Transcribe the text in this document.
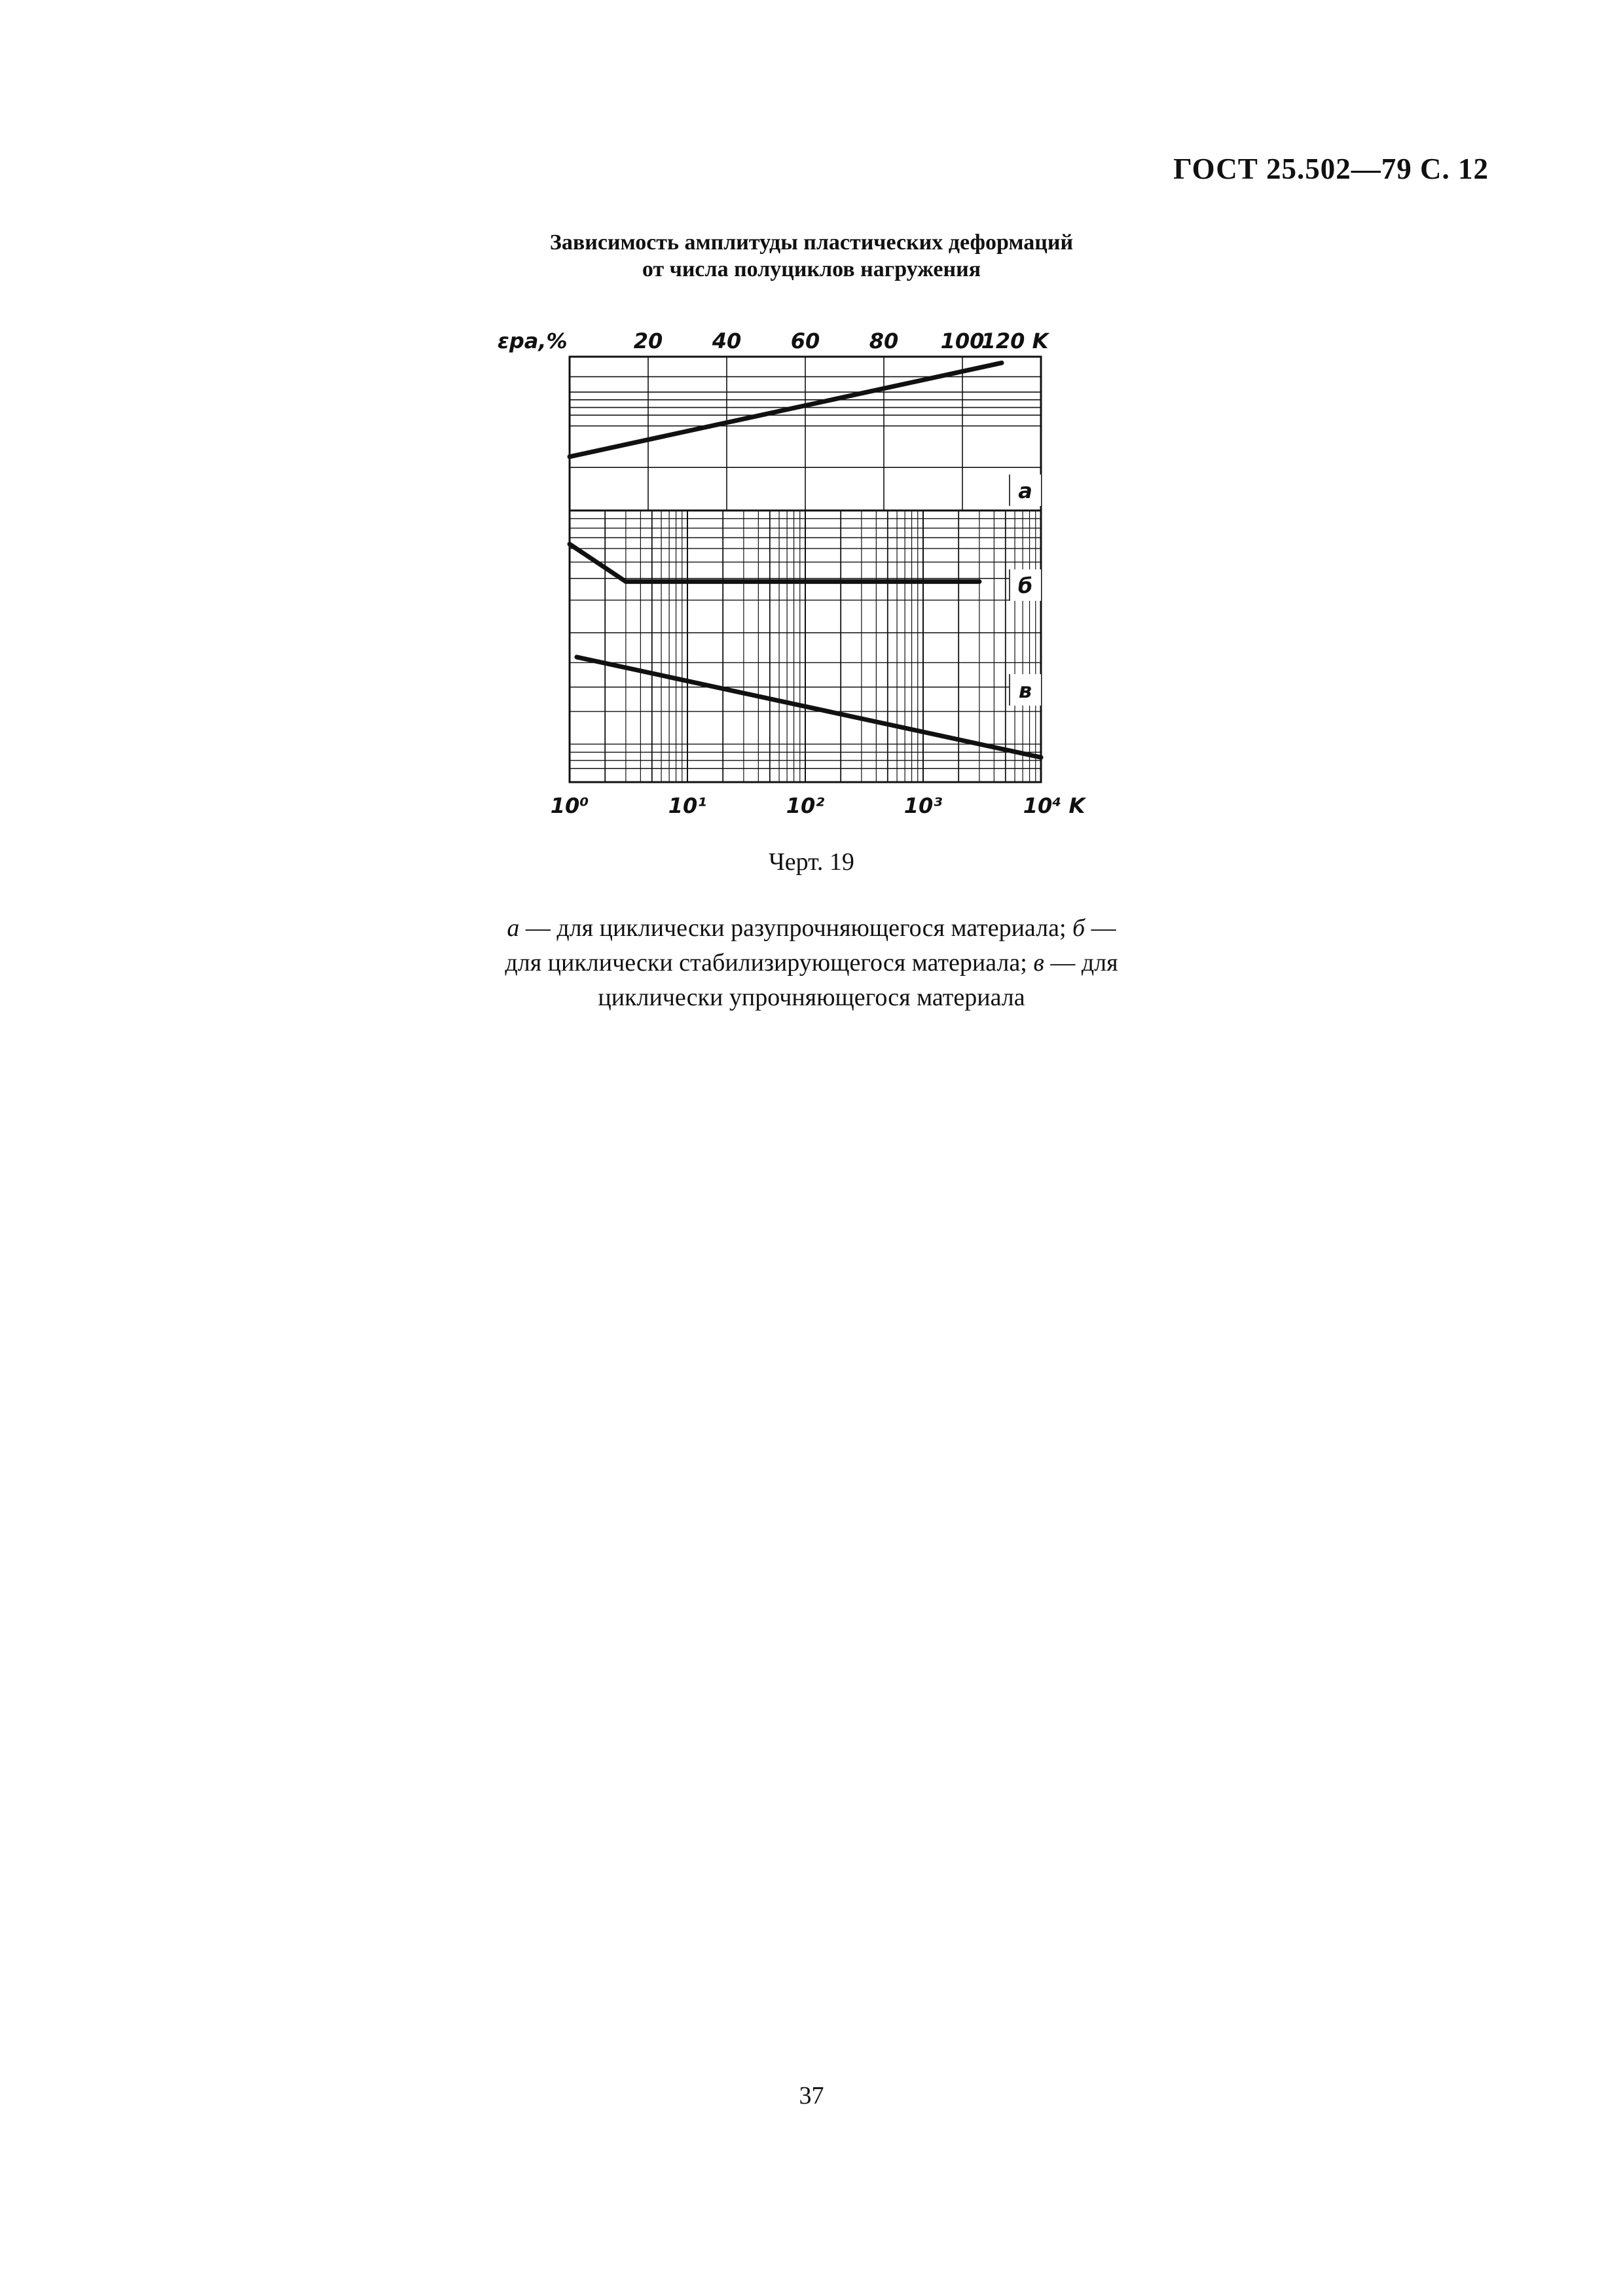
ГОСТ 25.502—79 С. 12
Зависимость амплитуды пластических деформаций
от числа полуциклов нагружения
а
б
в
εpa,%	20 40 60 80 100
120 K
10⁰	10¹	10²	10³	10⁴ K
Черт. 19
а — для циклически разупрочняющегося материала; б —
для циклически стабилизирующегося материала; в — для
циклически упрочняющегося материала
37
